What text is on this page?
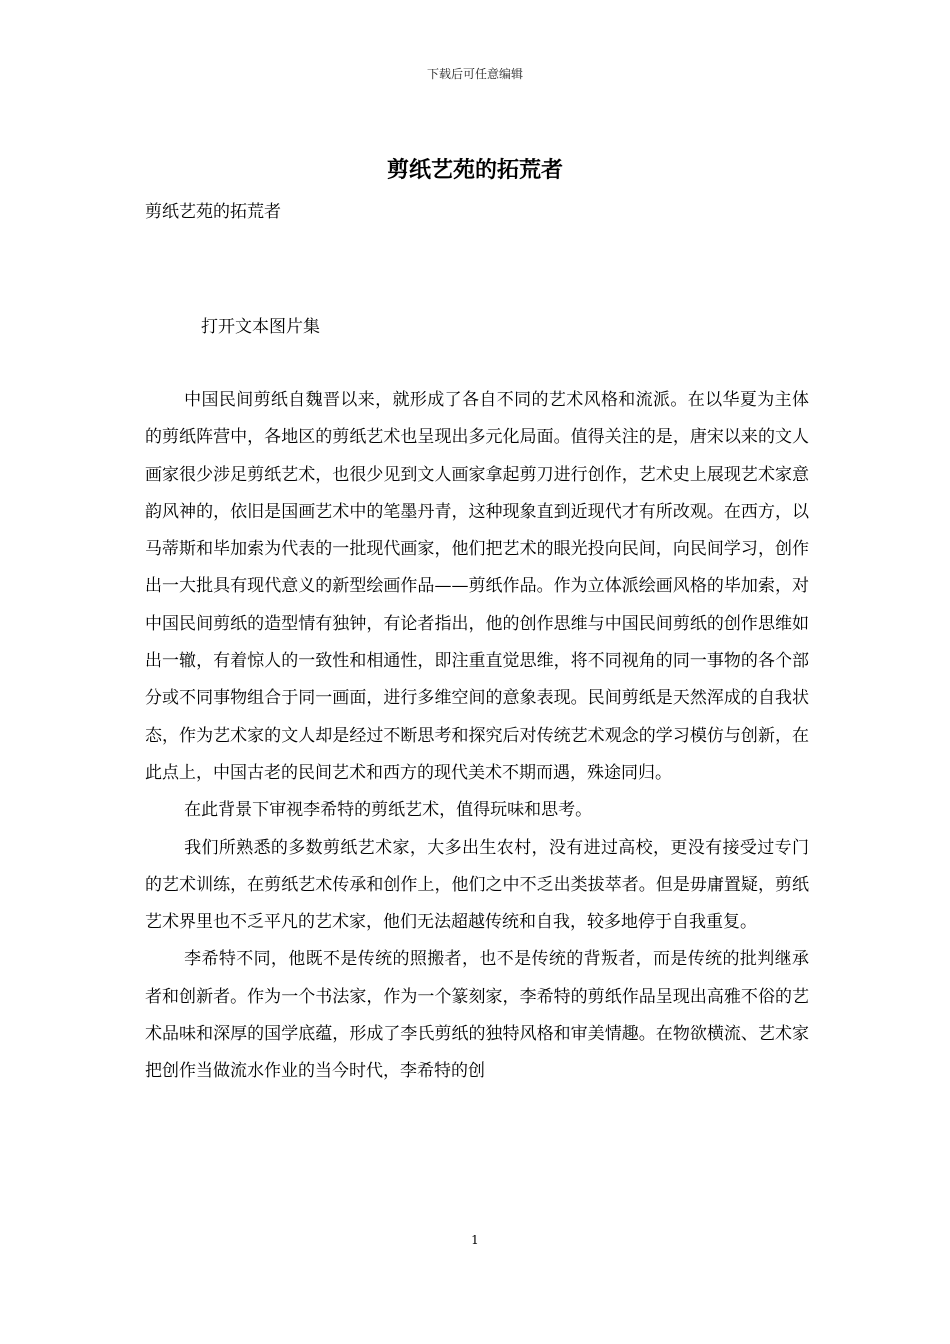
下载后可任意编辑
剪纸艺苑的拓荒者

剪纸艺苑的拓荒者

打开文本图片集

中国民间剪纸自魏晋以来，就形成了各自不同的艺术风格和流派。在以华夏为主体的剪纸阵营中，各地区的剪纸艺术也呈现出多元化局面。值得关注的是，唐宋以来的文人画家很少涉足剪纸艺术，也很少见到文人画家拿起剪刀进行创作，艺术史上展现艺术家意韵风神的，依旧是国画艺术中的笔墨丹青，这种现象直到近现代才有所改观。在西方，以马蒂斯和毕加索为代表的一批现代画家，他们把艺术的眼光投向民间，向民间学习，创作出一大批具有现代意义的新型绘画作品——剪纸作品。作为立体派绘画风格的毕加索，对中国民间剪纸的造型情有独钟，有论者指出，他的创作思维与中国民间剪纸的创作思维如出一辙，有着惊人的一致性和相通性，即注重直觉思维，将不同视角的同一事物的各个部分或不同事物组合于同一画面，进行多维空间的意象表现。民间剪纸是天然浑成的自我状态，作为艺术家的文人却是经过不断思考和探究后对传统艺术观念的学习模仿与创新，在此点上，中国古老的民间艺术和西方的现代美术不期而遇，殊途同归。

在此背景下审视李希特的剪纸艺术，值得玩味和思考。

我们所熟悉的多数剪纸艺术家，大多出生农村，没有进过高校，更没有接受过专门的艺术训练，在剪纸艺术传承和创作上，他们之中不乏出类拔萃者。但是毋庸置疑，剪纸艺术界里也不乏平凡的艺术家，他们无法超越传统和自我，较多地停于自我重复。

李希特不同，他既不是传统的照搬者，也不是传统的背叛者，而是传统的批判继承者和创新者。作为一个书法家，作为一个篆刻家，李希特的剪纸作品呈现出高雅不俗的艺术品味和深厚的国学底蕴，形成了李氏剪纸的独特风格和审美情趣。在物欲横流、艺术家把创作当做流水作业的当今时代，李希特的创

1
